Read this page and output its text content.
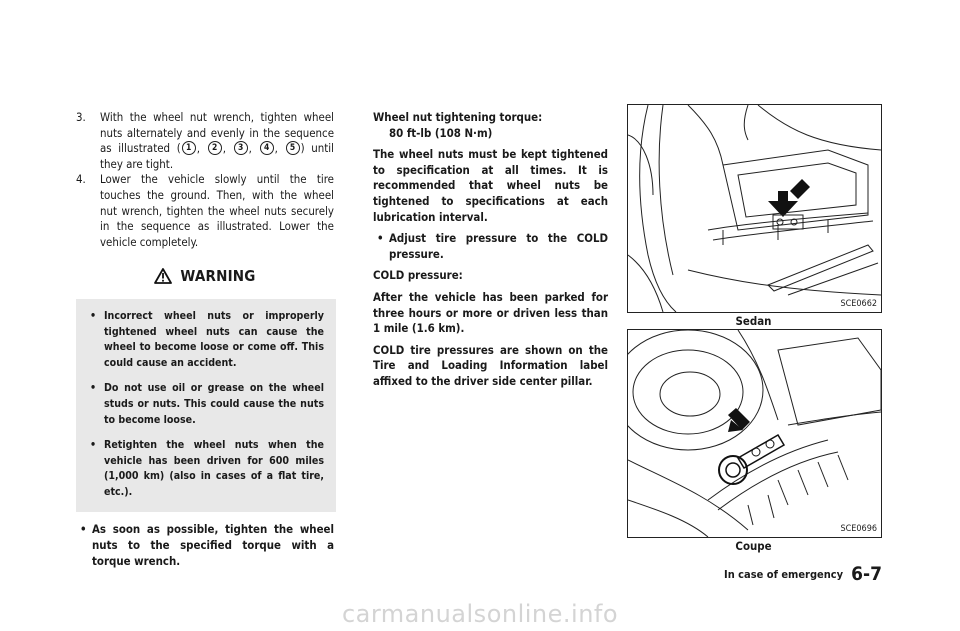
3. With the wheel nut wrench, tighten wheel nuts alternately and evenly in the sequence as illustrated ( 1 , 2 , 3 , 4 , 5 ) until they are tight.
4. Lower the vehicle slowly until the tire touches the ground. Then, with the wheel nut wrench, tighten the wheel nuts securely in the sequence as illustrated. Lower the vehicle completely.
WARNING
• Incorrect wheel nuts or improperly tightened wheel nuts can cause the wheel to become loose or come off. This could cause an accident.
• Do not use oil or grease on the wheel studs or nuts. This could cause the nuts to become loose.
• Retighten the wheel nuts when the vehicle has been driven for 600 miles (1,000 km) (also in cases of a flat tire, etc.).
• As soon as possible, tighten the wheel nuts to the specified torque with a torque wrench.
Wheel nut tightening torque:
80 ft-lb (108 N·m)
The wheel nuts must be kept tightened to specification at all times. It is recommended that wheel nuts be tightened to specifications at each lubrication interval.
• Adjust tire pressure to the COLD pressure.
COLD pressure:
After the vehicle has been parked for three hours or more or driven less than 1 mile (1.6 km).
COLD tire pressures are shown on the Tire and Loading Information label affixed to the driver side center pillar.
SCE0662
Sedan
SCE0696
Coupe
In case of emergency 6-7
carmanualsonline.info
